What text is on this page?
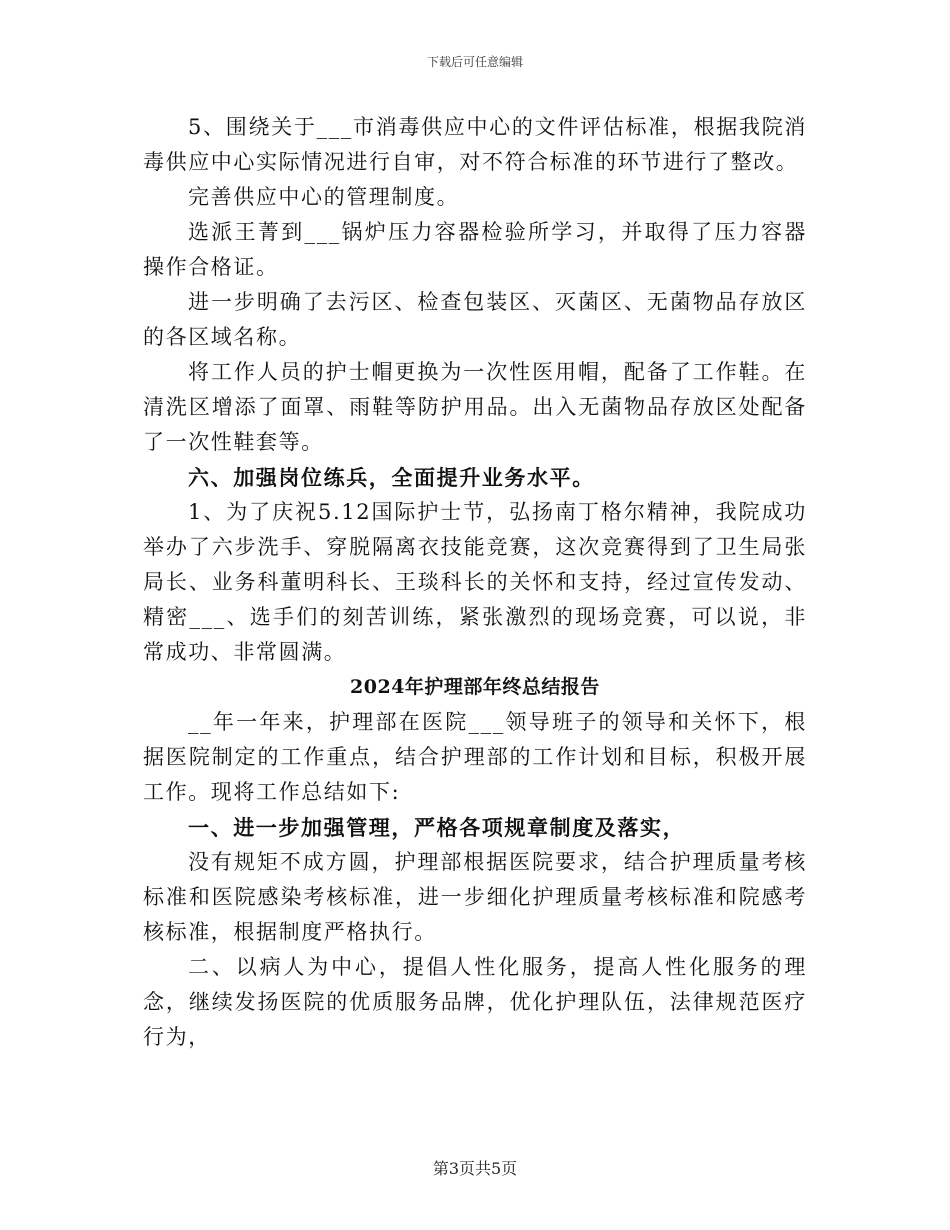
下载后可任意编辑

5、围绕关于___市消毒供应中心的文件评估标准，根据我院消毒供应中心实际情况进行自审，对不符合标准的环节进行了整改。

完善供应中心的管理制度。

选派王菁到___锅炉压力容器检验所学习，并取得了压力容器操作合格证。

进一步明确了去污区、检查包装区、灭菌区、无菌物品存放区的各区域名称。

将工作人员的护士帽更换为一次性医用帽，配备了工作鞋。在清洗区增添了面罩、雨鞋等防护用品。出入无菌物品存放区处配备了一次性鞋套等。

六、加强岗位练兵，全面提升业务水平。

1、为了庆祝5.12国际护士节，弘扬南丁格尔精神，我院成功举办了六步洗手、穿脱隔离衣技能竞赛，这次竞赛得到了卫生局张局长、业务科董明科长、王琰科长的关怀和支持，经过宣传发动、精密___、选手们的刻苦训练，紧张激烈的现场竞赛，可以说，非常成功、非常圆满。

2024年护理部年终总结报告

__年一年来，护理部在医院___领导班子的领导和关怀下，根据医院制定的工作重点，结合护理部的工作计划和目标，积极开展工作。现将工作总结如下:

一、进一步加强管理，严格各项规章制度及落实，

没有规矩不成方圆，护理部根据医院要求，结合护理质量考核标准和医院感染考核标准，进一步细化护理质量考核标准和院感考核标准，根据制度严格执行。

二、以病人为中心，提倡人性化服务，提高人性化服务的理念，继续发扬医院的优质服务品牌，优化护理队伍，法律规范医疗行为，

第3页共5页
